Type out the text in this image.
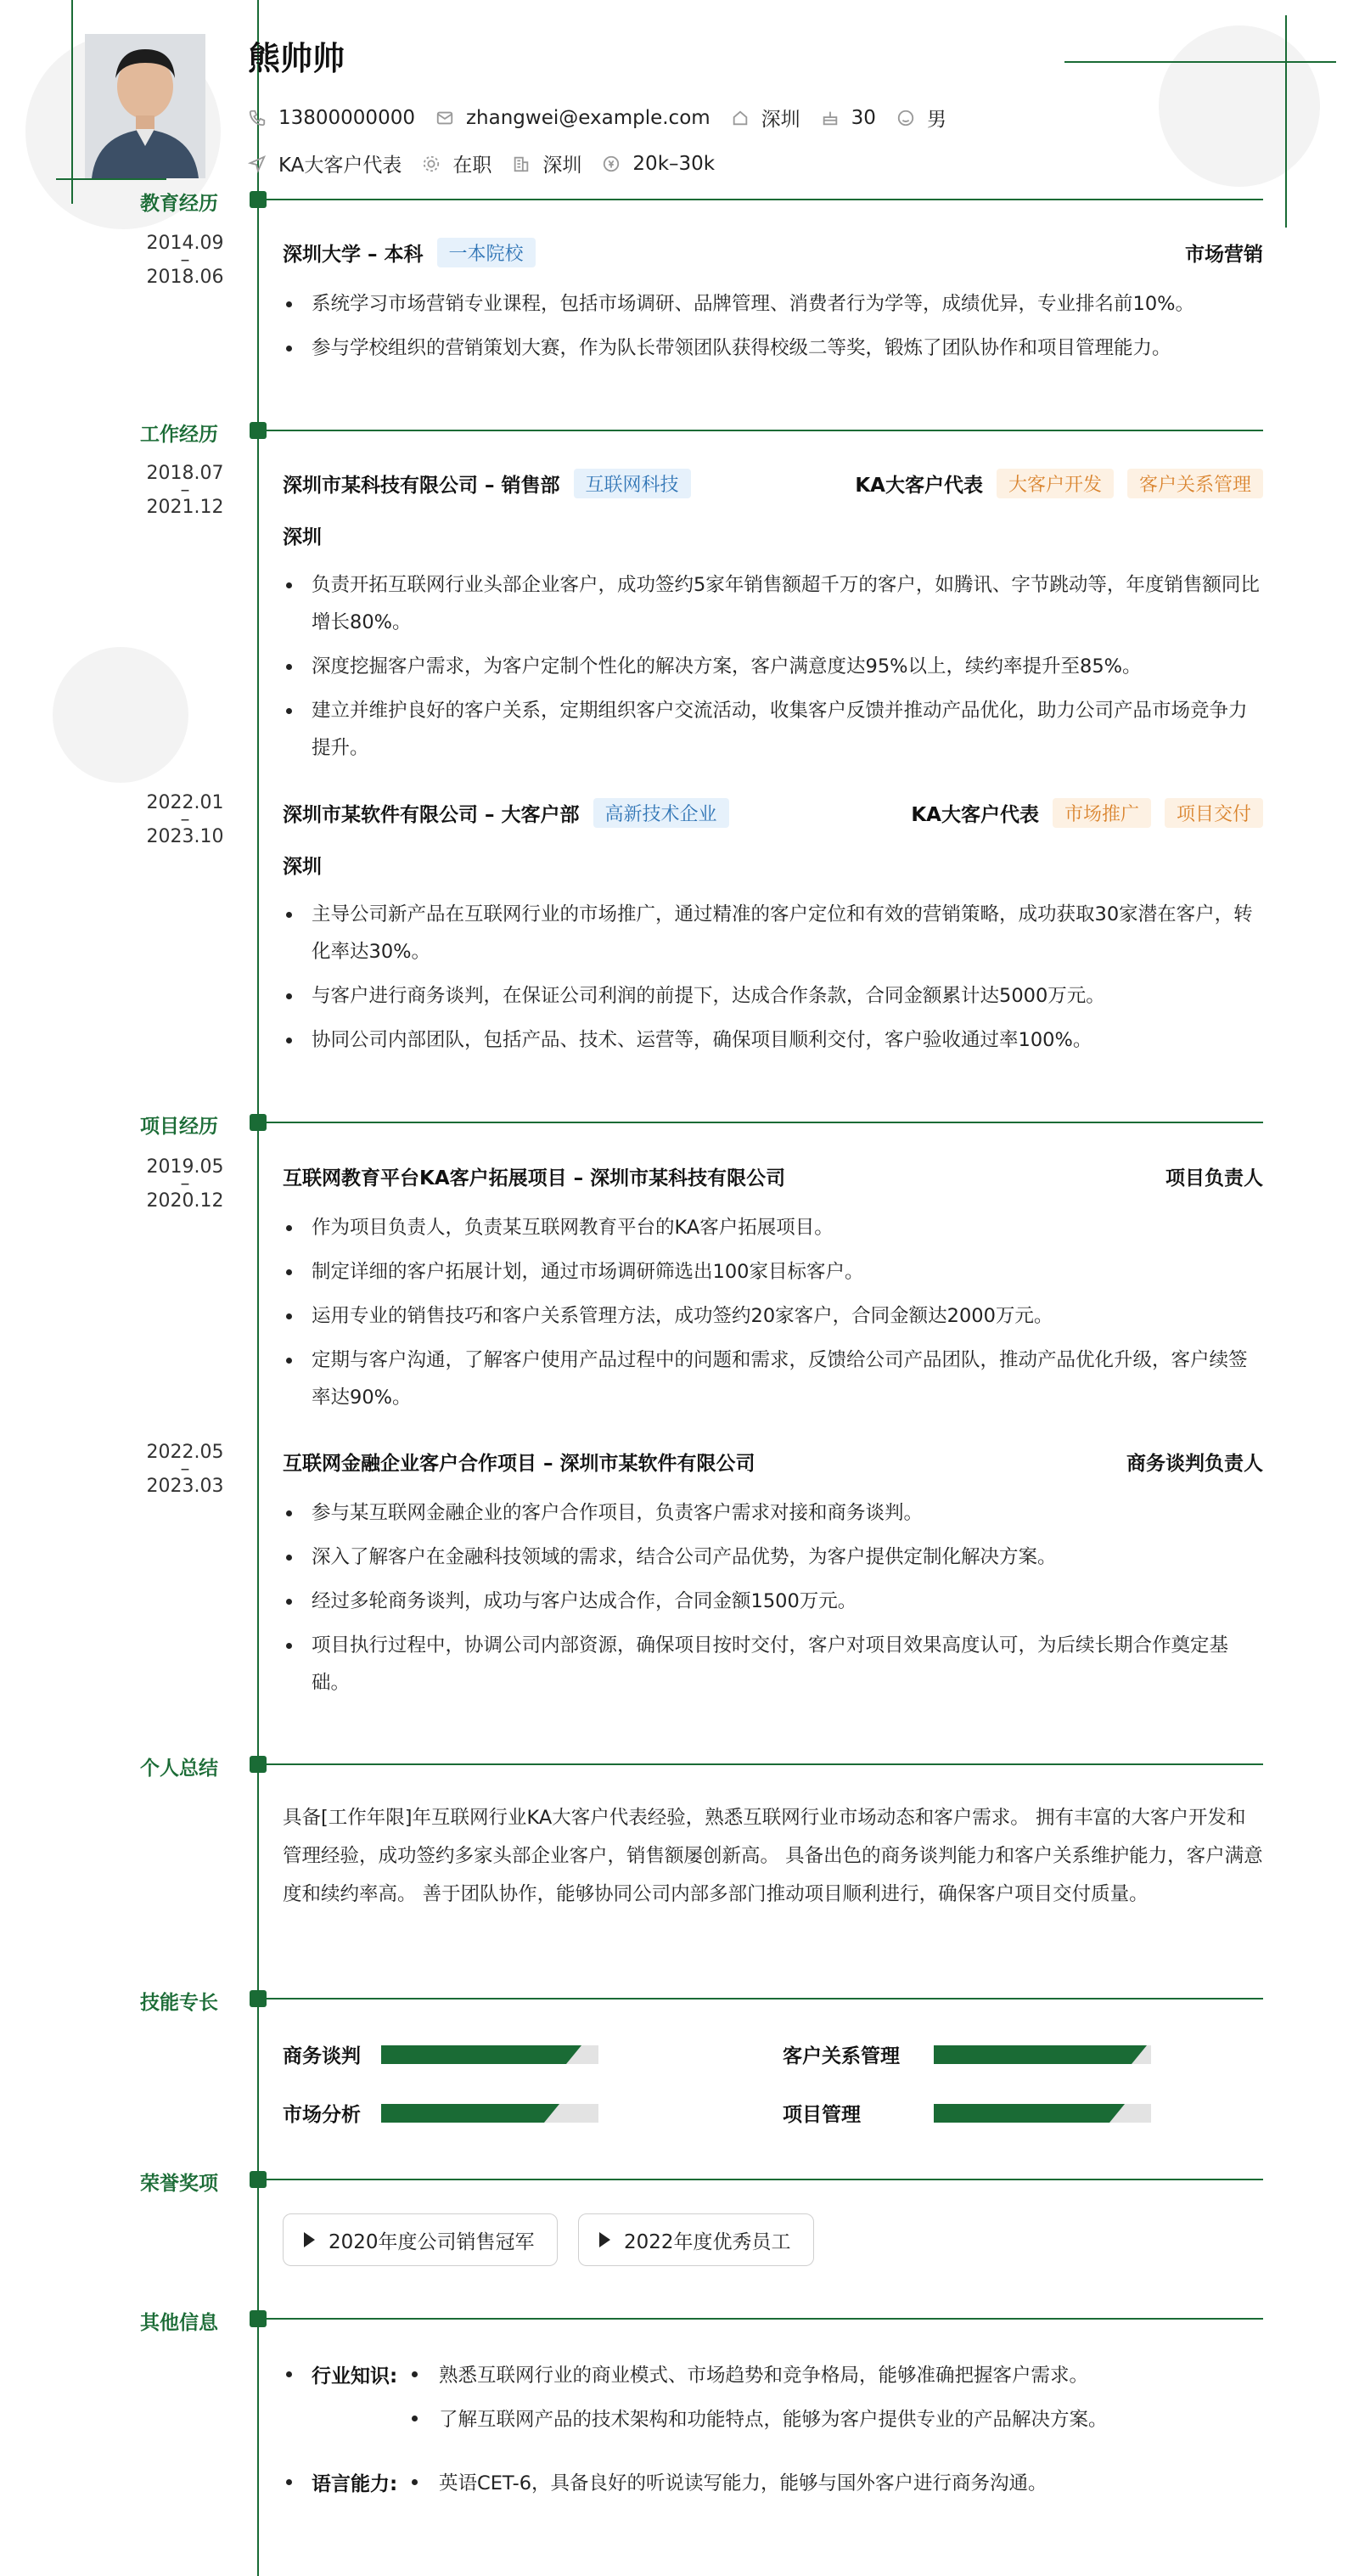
熊帅帅
13800000000	zhangwei@example.com	深圳	30	男
KA大客户代表	在职	深圳	20k–30k
教育经历
2014.09
–
2018.06
深圳大学 – 本科	一本院校	市场营销
系统学习市场营销专业课程，包括市场调研、品牌管理、消费者行为学等，成绩优异，专业排名前10%。
参与学校组织的营销策划大赛，作为队长带领团队获得校级二等奖，锻炼了团队协作和项目管理能力。
工作经历
2018.07
–
2021.12
深圳市某科技有限公司 – 销售部	互联网科技	KA大客户代表	大客户开发	客户关系管理
深圳
负责开拓互联网行业头部企业客户，成功签约5家年销售额超千万的客户，如腾讯、字节跳动等，年度销售额同比增长80%。
深度挖掘客户需求，为客户定制个性化的解决方案，客户满意度达95%以上，续约率提升至85%。
建立并维护良好的客户关系，定期组织客户交流活动，收集客户反馈并推动产品优化，助力公司产品市场竞争力提升。
2022.01
–
2023.10
深圳市某软件有限公司 – 大客户部	高新技术企业	KA大客户代表	市场推广	项目交付
深圳
主导公司新产品在互联网行业的市场推广，通过精准的客户定位和有效的营销策略，成功获取30家潜在客户，转化率达30%。
与客户进行商务谈判，在保证公司利润的前提下，达成合作条款，合同金额累计达5000万元。
协同公司内部团队，包括产品、技术、运营等，确保项目顺利交付，客户验收通过率100%。
项目经历
2019.05
–
2020.12
互联网教育平台KA客户拓展项目 – 深圳市某科技有限公司	项目负责人
作为项目负责人，负责某互联网教育平台的KA客户拓展项目。
制定详细的客户拓展计划，通过市场调研筛选出100家目标客户。
运用专业的销售技巧和客户关系管理方法，成功签约20家客户，合同金额达2000万元。
定期与客户沟通，了解客户使用产品过程中的问题和需求，反馈给公司产品团队，推动产品优化升级，客户续签率达90%。
2022.05
–
2023.03
互联网金融企业客户合作项目 – 深圳市某软件有限公司	商务谈判负责人
参与某互联网金融企业的客户合作项目，负责客户需求对接和商务谈判。
深入了解客户在金融科技领域的需求，结合公司产品优势，为客户提供定制化解决方案。
经过多轮商务谈判，成功与客户达成合作，合同金额1500万元。
项目执行过程中，协调公司内部资源，确保项目按时交付，客户对项目效果高度认可，为后续长期合作奠定基础。
个人总结
具备[工作年限]年互联网行业KA大客户代表经验，熟悉互联网行业市场动态和客户需求。 拥有丰富的大客户开发和管理经验，成功签约多家头部企业客户，销售额屡创新高。 具备出色的商务谈判能力和客户关系维护能力，客户满意度和续约率高。 善于团队协作，能够协同公司内部多部门推动项目顺利进行，确保客户项目交付质量。
技能专长
商务谈判	客户关系管理
市场分析	项目管理
荣誉奖项
2020年度公司销售冠军	2022年度优秀员工
其他信息
行业知识:	熟悉互联网行业的商业模式、市场趋势和竞争格局，能够准确把握客户需求。
了解互联网产品的技术架构和功能特点，能够为客户提供专业的产品解决方案。
语言能力:	英语CET-6，具备良好的听说读写能力，能够与国外客户进行商务沟通。
